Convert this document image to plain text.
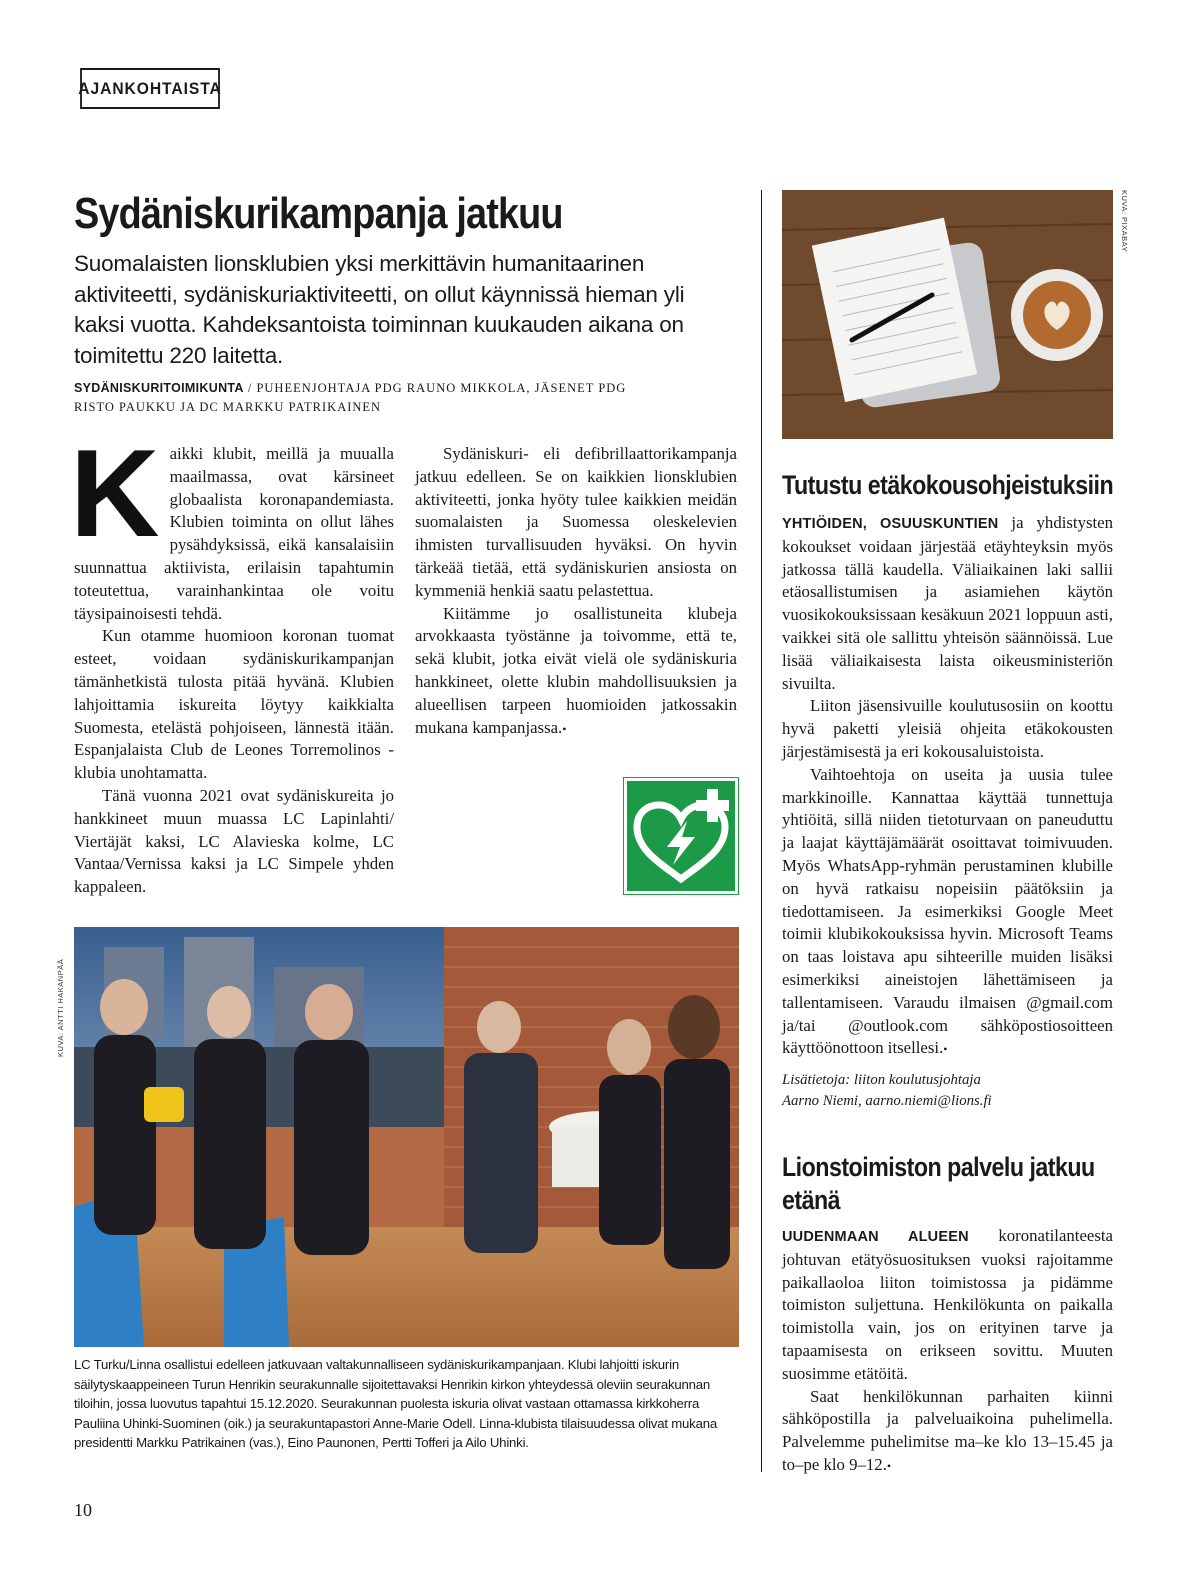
AJANKOHTAISTA
Sydäniskurikampanja jatkuu

Suomalaisten lionsklubien yksi merkittävin humanitaarinen aktiviteetti, sydäniskuriaktiviteetti, on ollut käynnissä hieman yli kaksi vuotta. Kahdeksantoista toiminnan kuukauden aikana on toimitettu 220 laitetta.

SYDÄNISKURITOIMIKUNTA / PUHEENJOHTAJA PDG RAUNO MIKKOLA, JÄSENET PDG RISTO PAUKKU JA DC MARKKU PATRIKAINEN

Kaikki klubit, meillä ja muualla maailmassa, ovat kärsineet globaalista koronapandemiasta. Klubien toiminta on ollut lähes pysähdyksissä, eikä kansalaisiin suunnattua aktiivista, erilaisin tapahtumin toteutettua, varainhankintaa ole voitu täysipainoisesti tehdä.

Kun otamme huomioon koronan tuomat esteet, voidaan sydäniskurikampanjan tämänhetkistä tulosta pitää hyvänä. Klubien lahjoittamia iskureita löytyy kaikkialta Suomesta, etelästä pohjoiseen, lännestä itään. Espanjalaista Club de Leones Torremolinos -klubia unohtamatta.

Tänä vuonna 2021 ovat sydäniskureita jo hankkineet muun muassa LC Lapinlahti/ Viertäjät kaksi, LC Alavieska kolme, LC Vantaa/Vernissa kaksi ja LC Simpele yhden kappaleen.

Sydäniskuri- eli defibrillaattorikampanja jatkuu edelleen. Se on kaikkien lionsklubien aktiviteetti, jonka hyöty tulee kaikkien meidän suomalaisten ja Suomessa oleskelevien ihmisten turvallisuuden hyväksi. On hyvin tärkeää tietää, että sydäniskurien ansiosta on kymmeniä henkiä saatu pelastettua.

Kiitämme jo osallistuneita klubeja arvokkaasta työstänne ja toivomme, että te, sekä klubit, jotka eivät vielä ole sydäniskuria hankkineet, olette klubin mahdollisuuksien ja alueellisen tarpeen huomioiden jatkossakin mukana kampanjassa.•

KUVA: ANTTI HAKANPÄÄ

LC Turku/Linna osallistui edelleen jatkuvaan valtakunnalliseen sydäniskurikampanjaan. Klubi lahjoitti iskurin säilytyskaappeineen Turun Henrikin seurakunnalle sijoitettavaksi Henrikin kirkon yhteydessä oleviin seurakunnan tiloihin, jossa luovutus tapahtui 15.12.2020. Seurakunnan puolesta iskuria olivat vastaan ottamassa kirkkoherra Pauliina Uhinki-Suominen (oik.) ja seurakuntapastori Anne-Marie Odell. Linna-klubista tilaisuudessa olivat mukana presidentti Markku Patrikainen (vas.), Eino Paunonen, Pertti Tofferi ja Ailo Uhinki.

KUVA: PIXABAY
Tutustu etäkokousohjeistuksiin

YHTIÖIDEN, OSUUSKUNTIEN ja yhdistysten kokoukset voidaan järjestää etäyhteyksin myös jatkossa tällä kaudella. Väliaikainen laki sallii etäosallistumisen ja asiamiehen käytön vuosikokouksissaan kesäkuun 2021 loppuun asti, vaikkei sitä ole sallittu yhteisön säännöissä. Lue lisää väliaikaisesta laista oikeusministeriön sivuilta.

Liiton jäsensivuille koulutusosiin on koottu hyvä paketti yleisiä ohjeita etäkokousten järjestämisestä ja eri kokousaluistoista.

Vaihtoehtoja on useita ja uusia tulee markkinoille. Kannattaa käyttää tunnettuja yhtiöitä, sillä niiden tietoturvaan on paneuduttu ja laajat käyttäjämäärät osoittavat toimivuuden. Myös WhatsApp-ryhmän perustaminen klubille on hyvä ratkaisu nopeisiin päätöksiin ja tiedottamiseen. Ja esimerkiksi Google Meet toimii klubikokouksissa hyvin. Microsoft Teams on taas loistava apu sihteerille muiden lisäksi esimerkiksi aineistojen lähettämiseen ja tallentamiseen. Varaudu ilmaisen @gmail.com ja/tai @outlook.com sähköpostiosoitteen käyttöönottoon itsellesi.•

Lisätietoja: liiton koulutusjohtaja
Aarno Niemi, aarno.niemi@lions.fi
Lionstoimiston palvelu jatkuu etänä

UUDENMAAN ALUEEN koronatilanteesta johtuvan etätyösuosituksen vuoksi rajoitamme paikallaoloa liiton toimistossa ja pidämme toimiston suljettuna. Henkilökunta on paikalla toimistolla vain, jos on erityinen tarve ja tapaamisesta on erikseen sovittu. Muuten suosimme etätöitä.

Saat henkilökunnan parhaiten kiinni sähköpostilla ja palveluaikoina puhelimella. Palvelemme puhelimitse ma–ke klo 13–15.45 ja to–pe klo 9–12.•

10
